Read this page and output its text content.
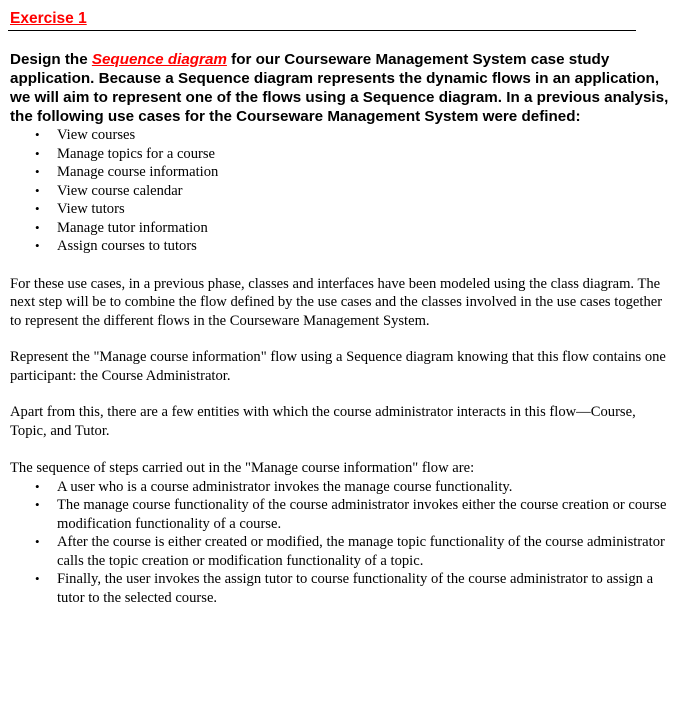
Exercise 1
Design the Sequence diagram for our Courseware Management System case study application. Because a Sequence diagram represents the dynamic flows in an application, we will aim to represent one of the flows using a Sequence diagram. In a previous analysis, the following use cases for the Courseware Management System were defined:
• View courses
• Manage topics for a course
• Manage course information
• View course calendar
• View tutors
• Manage tutor information
• Assign courses to tutors

For these use cases, in a previous phase, classes and interfaces have been modeled using the class diagram. The next step will be to combine the flow defined by the use cases and the classes involved in the use cases together to represent the different flows in the Courseware Management System.

Represent the "Manage course information" flow using a Sequence diagram knowing that this flow contains one participant: the Course Administrator.

Apart from this, there are a few entities with which the course administrator interacts in this flow—Course, Topic, and Tutor.

The sequence of steps carried out in the "Manage course information" flow are:

• A user who is a course administrator invokes the manage course functionality.
• The manage course functionality of the course administrator invokes either the course creation or course modification functionality of a course.
• After the course is either created or modified, the manage topic functionality of the course administrator calls the topic creation or modification functionality of a topic.
• Finally, the user invokes the assign tutor to course functionality of the course administrator to assign a tutor to the selected course.
